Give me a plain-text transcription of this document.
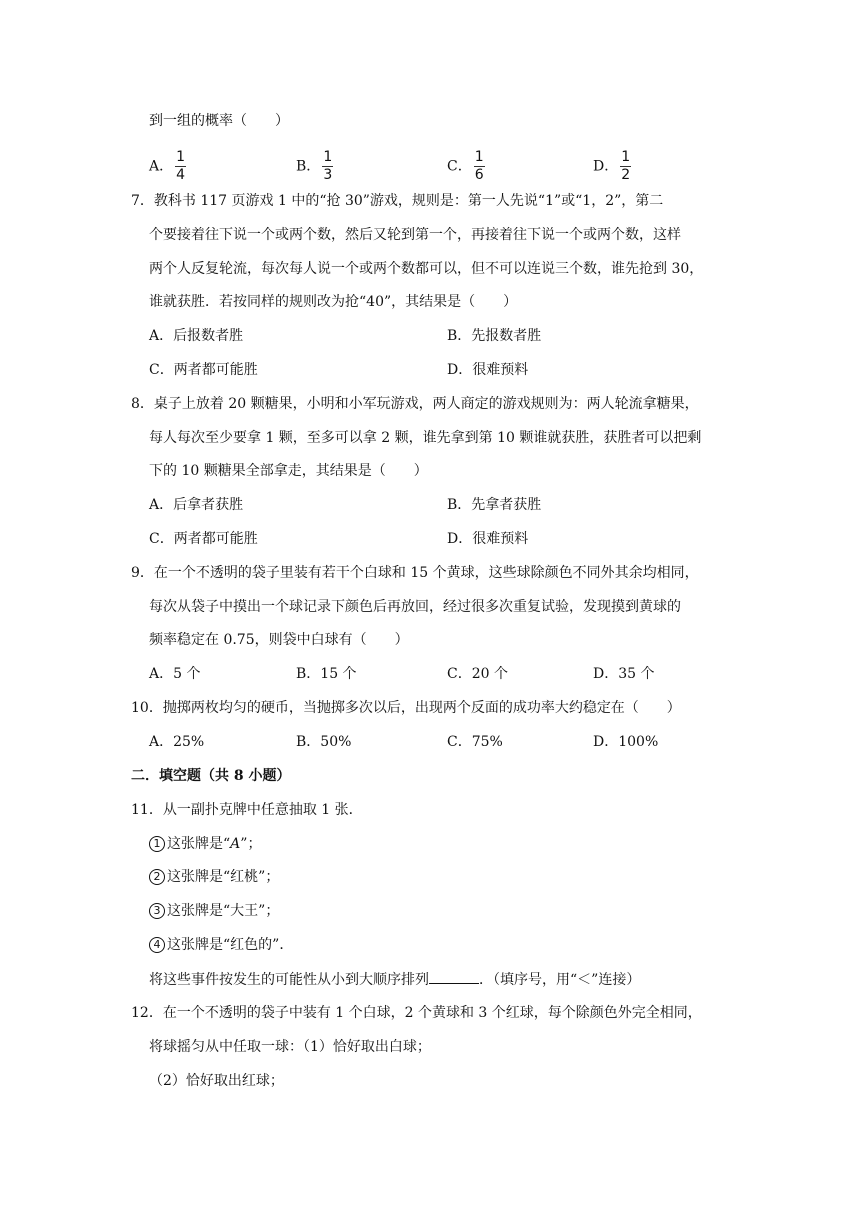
到一组的概率（　　）
A． $\frac{1}{4}$	B． $\frac{1}{3}$	C． $\frac{1}{6}$	D． $\frac{1}{2}$
7．教科书 117 页游戏 1 中的“抢 30”游戏，规则是：第一人先说“1”或“1，2”，第二
个要接着往下说一个或两个数，然后又轮到第一个，再接着往下说一个或两个数，这样
两个人反复轮流，每次每人说一个或两个数都可以，但不可以连说三个数，谁先抢到 30，
谁就获胜．若按同样的规则改为抢“40”，其结果是（　　）
A．后报数者胜	B．先报数者胜
C．两者都可能胜	D．很难预料
8．桌子上放着 20 颗糖果，小明和小军玩游戏，两人商定的游戏规则为：两人轮流拿糖果，
每人每次至少要拿 1 颗，至多可以拿 2 颗，谁先拿到第 10 颗谁就获胜，获胜者可以把剩
下的 10 颗糖果全部拿走，其结果是（　　）
A．后拿者获胜	B．先拿者获胜
C．两者都可能胜	D．很难预料
9．在一个不透明的袋子里装有若干个白球和 15 个黄球，这些球除颜色不同外其余均相同，
每次从袋子中摸出一个球记录下颜色后再放回，经过很多次重复试验，发现摸到黄球的
频率稳定在 0.75，则袋中白球有（　　）
A．5 个	B．15 个	C．20 个	D．35 个
10．抛掷两枚均匀的硬币，当抛掷多次以后，出现两个反面的成功率大约稳定在（　　）
A．25%	B．50%	C．75%	D．100%
二．填空题（共 8 小题）
11．从一副扑克牌中任意抽取 1 张．
1 这张牌是“A”；
2 这张牌是“红桃”；
3 这张牌是“大王”；
4 这张牌是“红色的”．
将这些事件按发生的可能性从小到大顺序排列	．（填序号，用“＜”连接）
12．在一个不透明的袋子中装有 1 个白球，2 个黄球和 3 个红球，每个除颜色外完全相同，
将球摇匀从中任取一球：（1）恰好取出白球；
（2）恰好取出红球；
